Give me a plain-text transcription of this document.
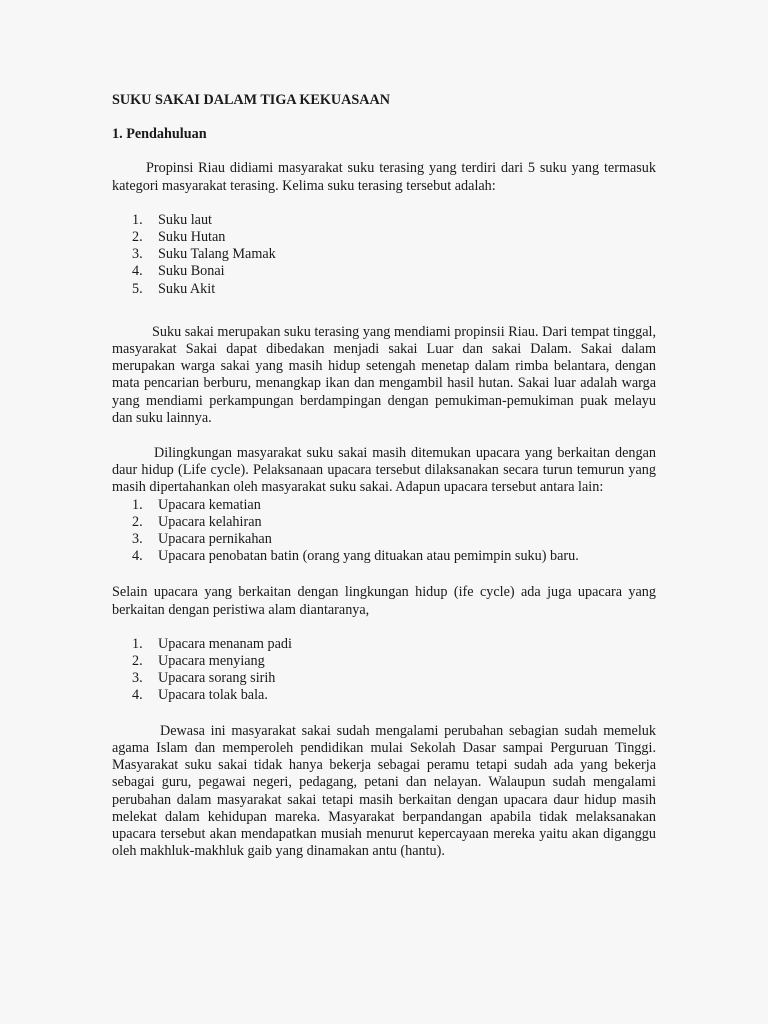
SUKU SAKAI DALAM TIGA KEKUASAAN
1. Pendahuluan

Propinsi Riau didiami masyarakat suku terasing yang terdiri dari 5 suku yang termasuk kategori masyarakat terasing. Kelima suku terasing tersebut adalah:

1. Suku laut
2. Suku Hutan
3. Suku Talang Mamak
4. Suku Bonai
5. Suku Akit

Suku sakai merupakan suku terasing yang mendiami propinsii Riau. Dari tempat tinggal, masyarakat Sakai dapat dibedakan menjadi sakai Luar dan sakai Dalam. Sakai dalam merupakan warga sakai yang masih hidup setengah menetap dalam rimba belantara, dengan mata pencarian berburu, menangkap ikan dan mengambil hasil hutan. Sakai luar adalah warga yang mendiami perkampungan berdampingan dengan pemukiman-pemukiman puak melayu dan suku lainnya.

Dilingkungan masyarakat suku sakai masih ditemukan upacara yang berkaitan dengan daur hidup (Life cycle). Pelaksanaan upacara tersebut dilaksanakan secara turun temurun yang masih dipertahankan oleh masyarakat suku sakai. Adapun upacara tersebut antara lain:

1. Upacara kematian
2. Upacara kelahiran
3. Upacara pernikahan
4. Upacara penobatan batin (orang yang dituakan atau pemimpin suku) baru.

Selain upacara yang berkaitan dengan lingkungan hidup (ife cycle) ada juga upacara yang berkaitan dengan peristiwa alam diantaranya,

1. Upacara menanam padi
2. Upacara menyiang
3. Upacara sorang sirih
4. Upacara tolak bala.

Dewasa ini masyarakat sakai sudah mengalami perubahan sebagian sudah memeluk agama Islam dan memperoleh pendidikan mulai Sekolah Dasar sampai Perguruan Tinggi. Masyarakat suku sakai tidak hanya bekerja sebagai peramu tetapi sudah ada yang bekerja sebagai guru, pegawai negeri, pedagang, petani dan nelayan. Walaupun sudah mengalami perubahan dalam masyarakat sakai tetapi masih berkaitan dengan upacara daur hidup masih melekat dalam kehidupan mareka. Masyarakat berpandangan apabila tidak melaksanakan upacara tersebut akan mendapatkan musiah menurut kepercayaan mereka yaitu akan diganggu oleh makhluk-makhluk gaib yang dinamakan antu (hantu).
